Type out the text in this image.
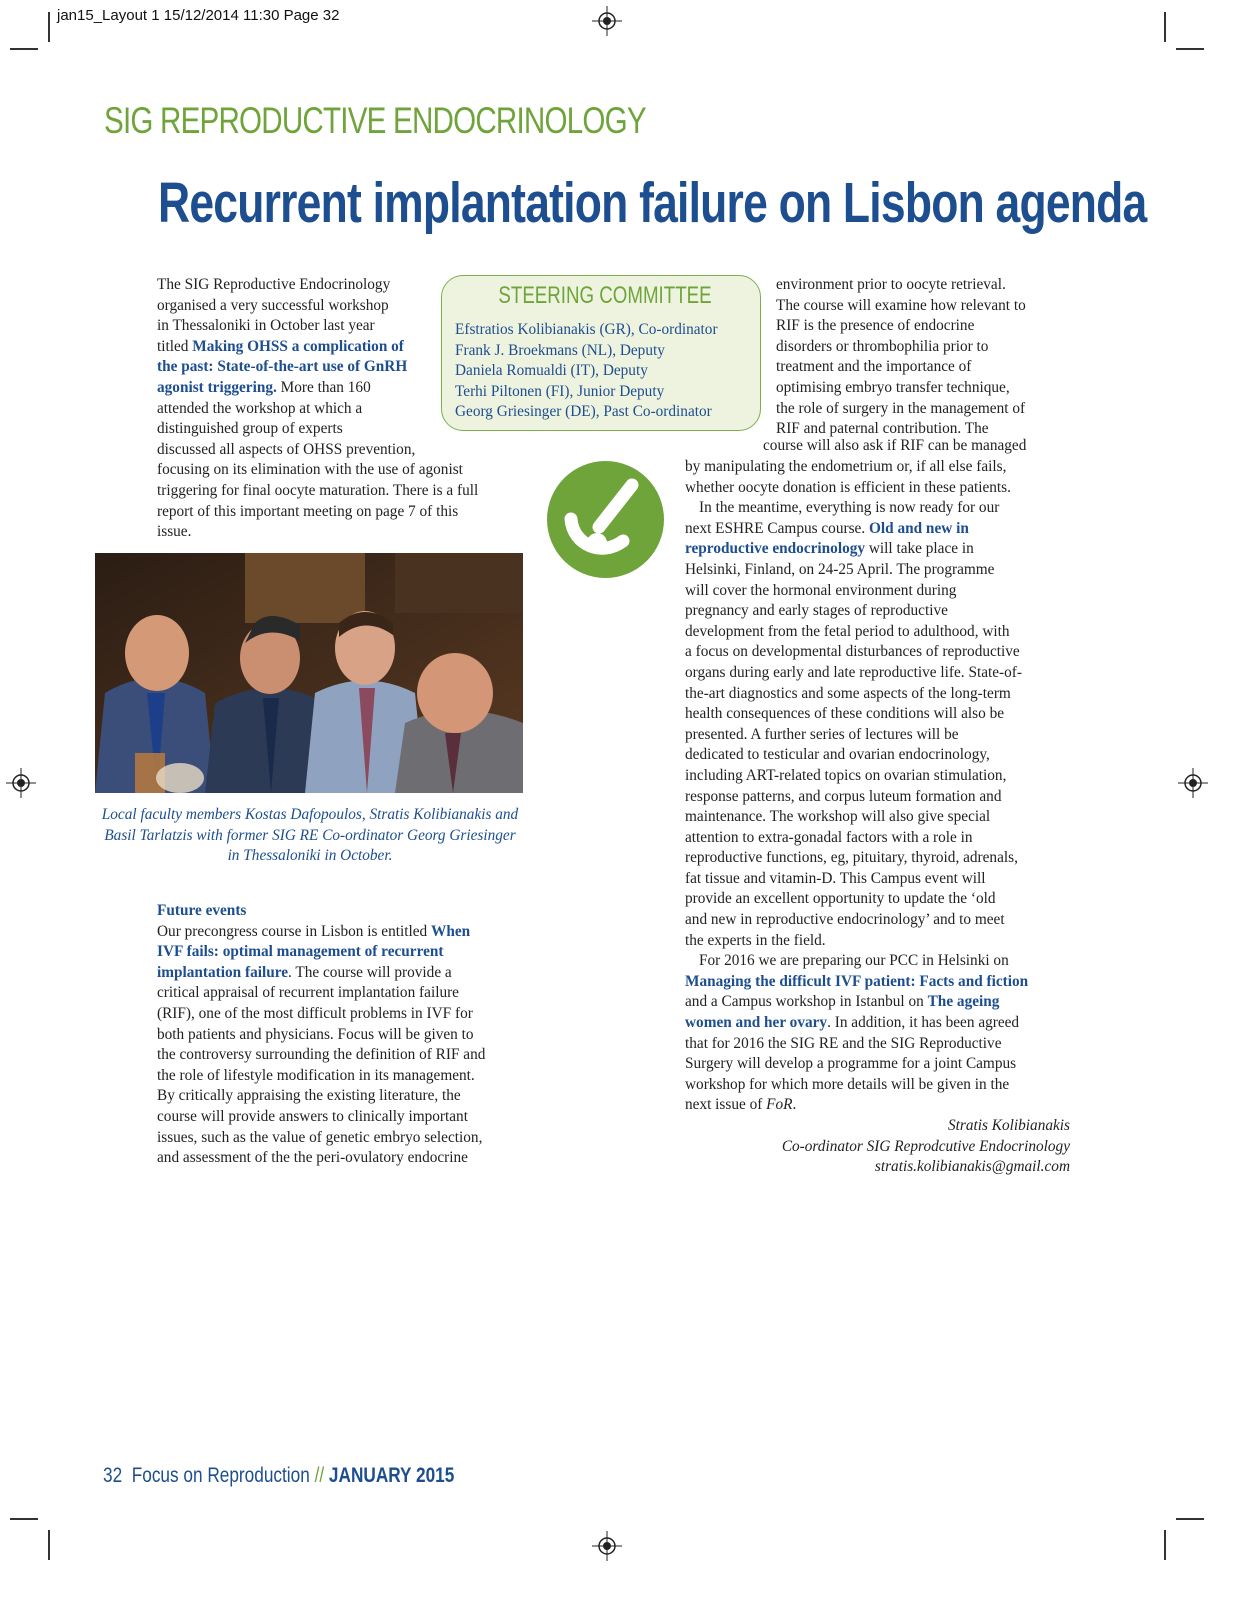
jan15_Layout 1 15/12/2014 11:30 Page 32
SIG REPRODUCTIVE ENDOCRINOLOGY
Recurrent implantation failure on Lisbon agenda
The SIG Reproductive Endocrinology
organised a very successful workshop
in Thessaloniki in October last year
titled Making OHSS a complication of
the past: State-of-the-art use of GnRH
agonist triggering. More than 160
attended the workshop at which a
distinguished group of experts
discussed all aspects of OHSS prevention,
focusing on its elimination with the use of agonist
triggering for final oocyte maturation. There is a full
report of this important meeting on page 7 of this
issue.
STEERING COMMITTEE
Efstratios Kolibianakis (GR), Co-ordinator
Frank J. Broekmans (NL), Deputy
Daniela Romualdi (IT), Deputy
Terhi Piltonen (FI), Junior Deputy
Georg Griesinger (DE), Past Co-ordinator
Local faculty members Kostas Dafopoulos, Stratis Kolibianakis and Basil Tarlatzis with former SIG RE Co-ordinator Georg Griesinger in Thessaloniki in October.
Future events
Our precongress course in Lisbon is entitled When
IVF fails: optimal management of recurrent
implantation failure. The course will provide a
critical appraisal of recurrent implantation failure
(RIF), one of the most difficult problems in IVF for
both patients and physicians. Focus will be given to
the controversy surrounding the definition of RIF and
the role of lifestyle modification in its management.
By critically appraising the existing literature, the
course will provide answers to clinically important
issues, such as the value of genetic embryo selection,
and assessment of the the peri-ovulatory endocrine
environment prior to oocyte retrieval.
The course will examine how relevant to
RIF is the presence of endocrine
disorders or thrombophilia prior to
treatment and the importance of
optimising embryo transfer technique,
the role of surgery in the management of
RIF and paternal contribution. The
course will also ask if RIF can be managed
by manipulating the endometrium or, if all else fails,
whether oocyte donation is efficient in these patients.
In the meantime, everything is now ready for our
next ESHRE Campus course. Old and new in
reproductive endocrinology will take place in
Helsinki, Finland, on 24-25 April. The programme
will cover the hormonal environment during
pregnancy and early stages of reproductive
development from the fetal period to adulthood, with
a focus on developmental disturbances of reproductive
organs during early and late reproductive life. State-of-
the-art diagnostics and some aspects of the long-term
health consequences of these conditions will also be
presented. A further series of lectures will be
dedicated to testicular and ovarian endocrinology,
including ART-related topics on ovarian stimulation,
response patterns, and corpus luteum formation and
maintenance. The workshop will also give special
attention to extra-gonadal factors with a role in
reproductive functions, eg, pituitary, thyroid, adrenals,
fat tissue and vitamin-D. This Campus event will
provide an excellent opportunity to update the ‘old
and new in reproductive endocrinology’ and to meet
the experts in the field.
For 2016 we are preparing our PCC in Helsinki on
Managing the difficult IVF patient: Facts and fiction
and a Campus workshop in Istanbul on The ageing
women and her ovary. In addition, it has been agreed
that for 2016 the SIG RE and the SIG Reproductive
Surgery will develop a programme for a joint Campus
workshop for which more details will be given in the
next issue of FoR.
Stratis Kolibianakis
Co-ordinator SIG Reprodcutive Endocrinology
stratis.kolibianakis@gmail.com
32 Focus on Reproduction // JANUARY 2015
